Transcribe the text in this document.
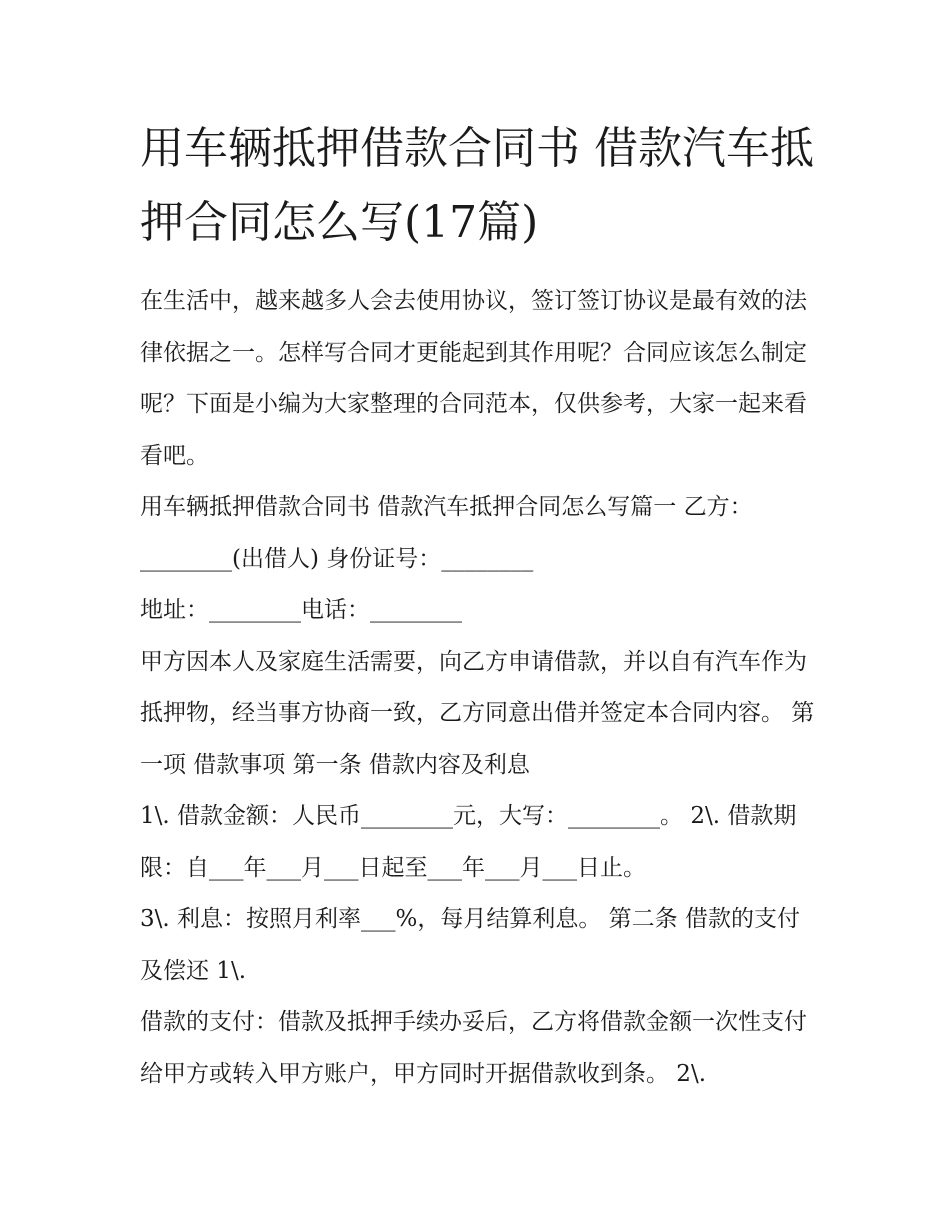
用车辆抵押借款合同书 借款汽车抵押合同怎么写(17篇)

在生活中，越来越多人会去使用协议，签订签订协议是最有效的法律依据之一。怎样写合同才更能起到其作用呢？合同应该怎么制定呢？下面是小编为大家整理的合同范本，仅供参考，大家一起来看看吧。

用车辆抵押借款合同书 借款汽车抵押合同怎么写篇一 乙方：________(出借人) 身份证号：________

地址：________电话：________

甲方因本人及家庭生活需要，向乙方申请借款，并以自有汽车作为抵押物，经当事方协商一致，乙方同意出借并签定本合同内容。 第一项 借款事项 第一条 借款内容及利息

1\. 借款金额：人民币________元，大写：________。 2\. 借款期限：自___年___月___日起至___年___月___日止。

3\. 利息：按照月利率___%，每月结算利息。 第二条 借款的支付及偿还 1\.

借款的支付：借款及抵押手续办妥后，乙方将借款金额一次性支付给甲方或转入甲方账户，甲方同时开据借款收到条。 2\.
